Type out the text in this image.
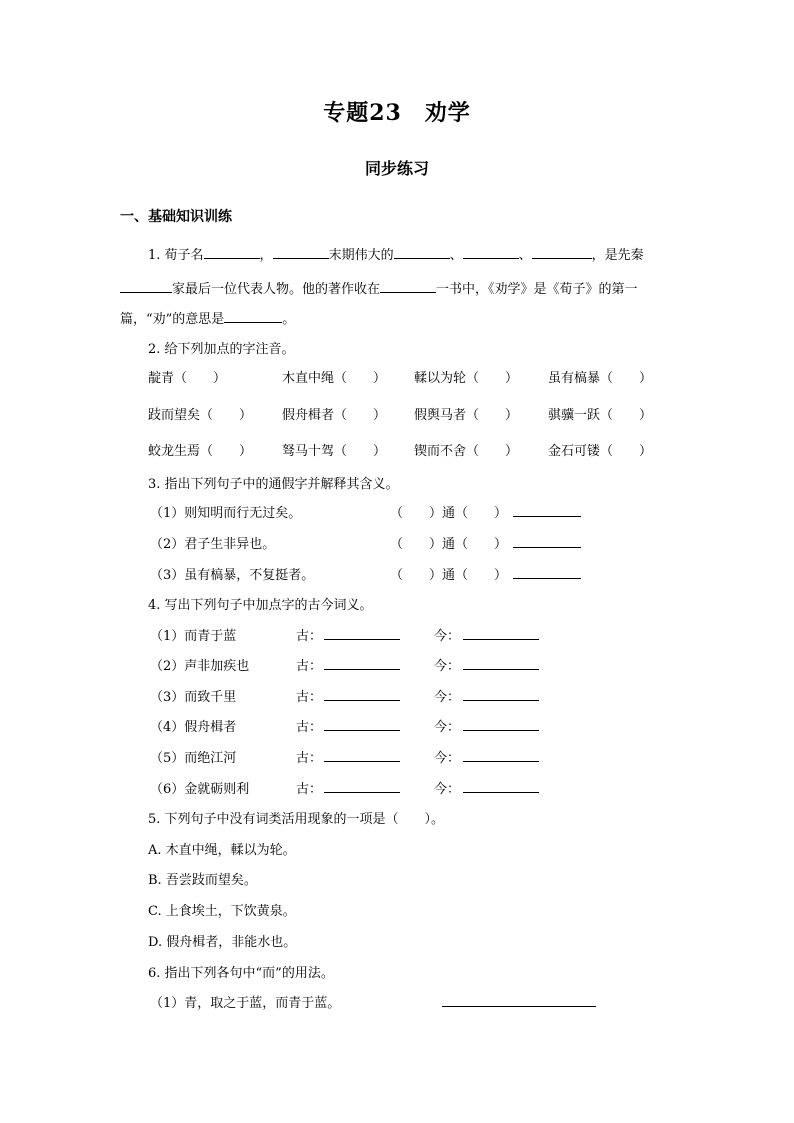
专题23　劝学
同步练习
一、基础知识训练
1. 荀子名	，	末期伟大的	、	、	，是先秦
家最后一位代表人物。他的著作收在	一书中，《劝学》是《荀子》的第一
篇，“劝”的意思是	。
2. 给下列加点的字注音。
靛青（　　）	木直中绳（　　） 輮以为轮（　　） 虽有槁暴（　　）
跂而望矣（　　） 假舟楫者（　　） 假舆马者（　　） 骐骥一跃（　　）
蛟龙生焉（　　） 驽马十驾（　　） 锲而不舍（　　） 金石可镂（　　）
3. 指出下列句子中的通假字并解释其含义。
（1）则知明而行无过矣。	（　　）通（　　）
（2）君子生非异也。	（　　）通（　　）
（3）虽有槁暴，不复挺者。	（　　）通（　　）
4. 写出下列句子中加点字的古今词义。
（1）而青于蓝	古：	今：
（2）声非加疾也	古：	今：
（3）而致千里	古：	今：
（4）假舟楫者	古：	今：
（5）而绝江河	古：	今：
（6）金就砺则利	古：	今：
5. 下列句子中没有词类活用现象的一项是（　　）。
A. 木直中绳，輮以为轮。
B. 吾尝跂而望矣。
C. 上食埃土，下饮黄泉。
D. 假舟楫者，非能水也。
6. 指出下列各句中“而”的用法。
（1）青，取之于蓝，而青于蓝。
